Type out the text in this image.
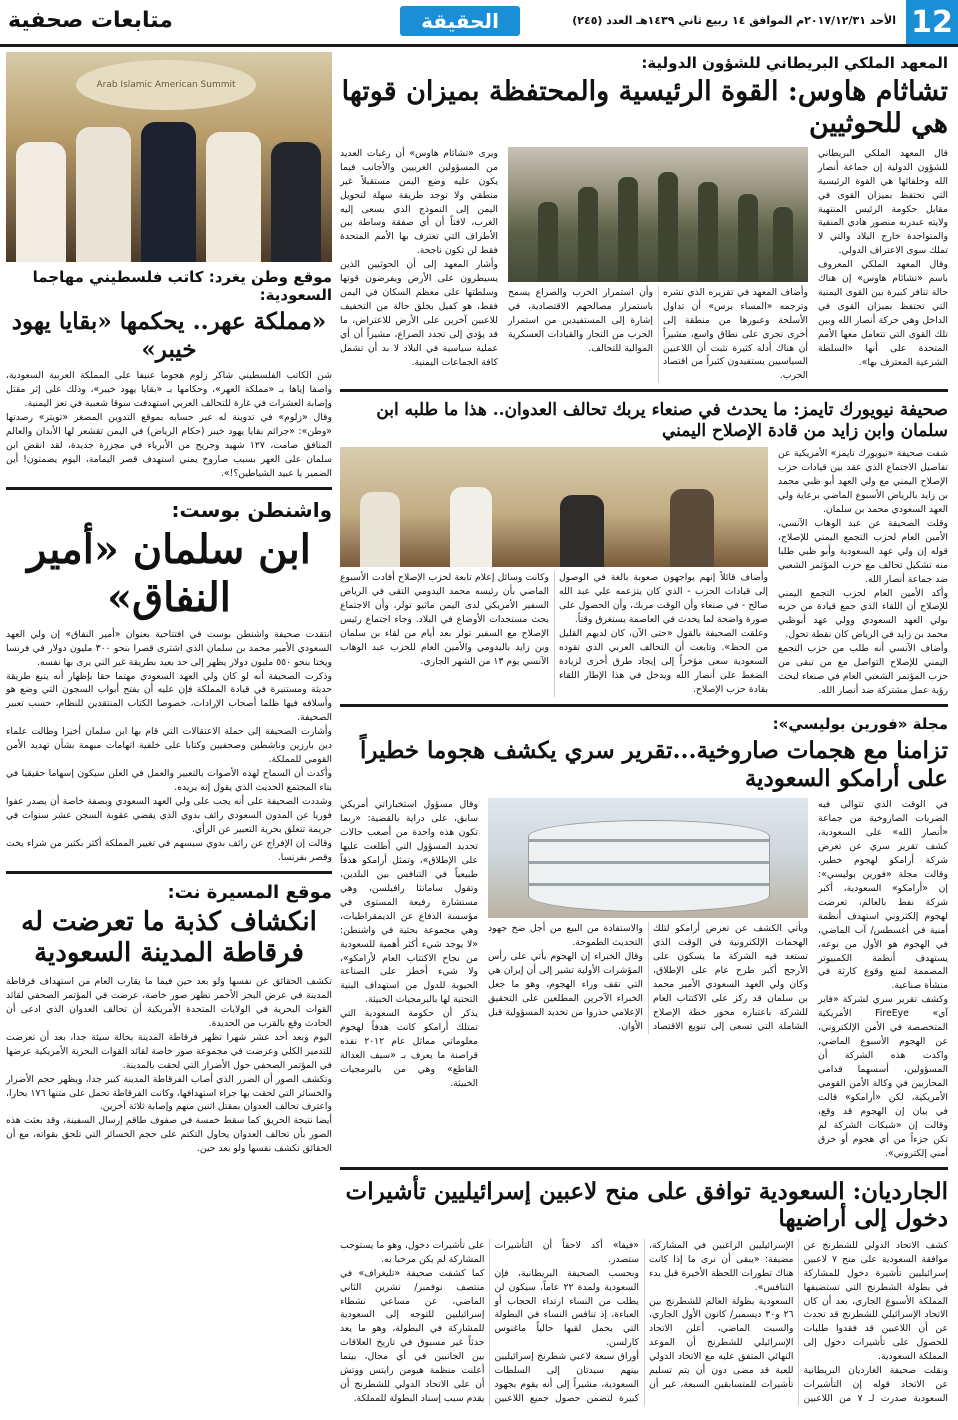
12
الأحد ٢٠١٧/١٢/٣١م الموافق ١٤ ربيع ثاني ١٤٣٩هـ العدد (٢٤٥)
الحقيقة
متابعات صحفية
المعهد الملكي البريطاني للشؤون الدولية:
تشاثام هاوس: القوة الرئيسية والمحتفظة بميزان قوتها هي للحوثيين

قال المعهد الملكي البريطاني للشؤون الدولية إن جماعة أنصار الله وحلفائها هي القوة الرئيسية التي تحتفظ بميزان القوى في مقابل حكومة الرئيس المنتهية ولايته عبدربه منصور هادي المنفية والمتواجدة خارج البلاد والتي لا تملك سوى الاعتراف الدولي.

وقال المعهد الملكي المعروف باسم «تشاثام هاوس» إن هناك حالة تنافر كبيرة بين القوى اليمنية التي تحتفظ بميزان القوى في الداخل وهي حركة أنصار الله وبين تلك القوى التي تتعامل معها الأمم المتحدة على أنها «السلطة الشرعية المعترف بها».

وأضاف المعهد في تقريره الذي نشره وترجمه «المساء برس» أن تداول الأسلحة وعبورها من منطقة إلى أخرى تجري على نطاق واسع، مشيراً أن هناك أدلة كثيرة تثبت أن اللاعبين السياسيين يستفيدون كثيراً من اقتصاد الحرب.

وأن استمرار الحرب والصراع يسمح باستمرار مصالحهم الاقتصادية، في إشارة إلى المستفيدين من استمرار الحرب من التجار والقيادات العسكرية الموالية للتحالف.

ويرى «تشاثام هاوس» أن رغبات العديد من المسؤولين الغربيين والأجانب فيما يكون عليه وضع اليمن مستقبلاً غير منطقي ولا توجد طريقة سهلة لتحويل اليمن إلى النموذج الذي يسعى إليه الغرب، لافتاً أن أي صفقة وساطة بين الأطراف التي تعترف بها الأمم المتحدة فقط لن تكون ناجحة.

وأشار المعهد إلى أن الحوثيين الذين يسيطرون على الأرض ويفرضون قوتها وسلطتها على معظم السكان في اليمن فقط، هو كفيل بخلق حالة من التخفيف للاعبين آخرين على الأرض للاعتراض، ما قد يؤدي إلى تجدد الصراع، مشيراً أن أي عملية سياسية في البلاد لا بد أن تشمل كافة الجماعات اليمنية.

صحيفة نيويورك تايمز: ما يحدث في صنعاء يربك تحالف العدوان.. هذا ما طلبه ابن سلمان وابن زايد من قادة الإصلاح اليمني

شفت صحيفة «نيويورك تايمز» الأمريكية عن تفاصيل الاجتماع الذي عقد بين قيادات حزب الإصلاح اليمني مع ولي العهد أبو ظبي محمد بن زايد بالرياض الأسبوع الماضي برعاية ولي العهد السعودي محمد بن سلمان.

وقلت الصحيفة عن عبد الوهاب الآنسي، الأمين العام لحزب التجمع اليمني للإصلاح، قوله إن ولي عهد السعودية وأبو ظبي طلبا منه تشكيل تحالف مع حزب المؤتمر الشعبي ضد جماعة أنصار الله.

وأكد الأمين العام لحزب التجمع اليمني للإصلاح أن اللقاء الذي جمع قيادة من حزبه بولي العهد السعودي وولي عهد أبوظبي محمد بن زايد في الرياض كان نقطة تحول.

وأضاف الآنسي أنه طلب من حزب التجمع اليمني للإصلاح التواصل مع من تبقى من حزب المؤتمر الشعبي العام في صنعاء لبحث رؤية عمل مشتركة ضد أنصار الله.

وأضاف قائلاً إنهم يواجهون صعوبة بالغة في الوصول إلى قيادات الحزب - الذي كان يتزعمه علي عبد الله صالح - في صنعاء وأن الوقت مربك، وأن الحصول على صورة واضحة لما يحدث في العاصمة يستغرق وقتاً.

وعلقت الصحيفة بالقول «حتى الآن، كان لديهم القليل من الحظ». وتابعت أن التحالف العربي الذي تقوده السعودية سعى مؤخراً إلى إيجاد طرق أخرى لزيادة الضغط على أنصار الله ويدخل في هذا الإطار اللقاء بقادة حزب الإصلاح.

وكانت وسائل إعلام تابعة لحزب الإصلاح أفادت الأسبوع الماضي بأن رئيسه محمد اليدومي التقى في الرياض السفير الأمريكي لدى اليمن ماثيو تولر، وأن الاجتماع بحث مستجدات الأوضاع في البلاد. وجاء اجتماع رئيس الإصلاح مع السفير تولر بعد أيام من لقاء بن سلمان وبن زايد باليدومي والأمين العام للحزب عبد الوهاب الآنسي يوم ١٣ من الشهر الجاري.

مجلة «فورين بوليسي»:
تزامنا مع هجمات صاروخية...تقرير سري يكشف هجوما خطيراً على أرامكو السعودية

في الوقت الذي تتوالى فيه الضربات الصاروخية من جماعة «أنصار الله» على السعودية، كشف تقرير سري عن تعرض شركة أرامكو لهجوم خطير، وقالت مجلة «فورين بوليسي»: إن «أرامكو» السعودية، أكبر شركة نفط بالعالم، تعرضت لهجوم إلكتروني استهدف أنظمة أمنية في أغسطس/ آب الماضي، في الهجوم هو الأول من نوعه، يستهدف أنظمة الكمبيوتر المصممة لمنع وقوع كارثة في منشأة صناعية.

وكشف تقرير سري لشركة «فاير آي» FireEye الأمريكية المتخصصة في الأمن الإلكتروني، عن الهجوم الأسبوع الماضي، واكدت هذه الشركة أن المسؤولين، أسسهما قدامى المحاربين في وكالة الأمن القومي الأمريكية، لكن «أرامكو» قالت في بيان إن الهجوم قد وقع، وقالت إن «شبكات الشركة لم تكن جزءاً من أي هجوم أو خرق أمني إلكتروني».

ويأتي الكشف عن تعرض أرامكو لتلك الهجمات الإلكترونية في الوقت الذي تستعد فيه الشركة ما يسكون على الأرجح أكبر طرح عام على الإطلاق، وكان ولي العهد السعودي الأمير محمد بن سلمان قد ركز على الاكتتاب العام للشركة باعتباره محور خطة الإصلاح الشاملة التي تسعى إلى تنويع الاقتصاد والاستفادة من البيع من أجل ضخ جهود التحديث الطموحة.

وقال الخبراء إن الهجوم يأتي على رأس المؤشرات الأولية تشير إلى أن إيران هي التي تقف وراء الهجوم، وهو ما جعل الخبراء الآخرين المطلعين على التحقيق الإعلامي حذروا من تحديد المسؤولية قبل الأوان.

وقال مسؤول استخباراتي أمريكي سابق، على دراية بالقضية: «ربما تكون هذه واحدة من أصعب حالات تحديد المسؤول التي أطلعت عليها على الإطلاق»، وتمثل أرامكو هدفاً طبيعياً في التنافس بين البلدين، وتقول سامانثا رافيلسن، وهي مستشارة رفيعة المستوى في مؤسسة الدفاع عن الديمقراطيات، وهي مجموعة بحثية في واشنطن: «لا يوجد شيء أكثر أهمية للسعودية من نجاح الاكتتاب العام لأرامكو»، ولا شيء أخطر على الصناعة الحيوية للدول من استهداف البنية التحتية لها بالبرمجيات الخبيثة.

يذكر أن حكومة السعودية التي تمتلك أرامكو كانت هدفاً لهجوم معلوماتي مماثل عام ٢٠١٢ نفذه قراصنة ما يعرف بـ «سيف العدالة القاطع» وهي من بالبرمجيات الخبيثة.

الجارديان: السعودية توافق على منح لاعبين إسرائيليين تأشيرات دخول إلى أراضيها

كشف الاتحاد الدولي للشطرنج عن موافقة السعودية على منح ٧ لاعبين إسرائيليين تأشيرة دخول للمشاركة في بطولة الشطرنج التي تستضيفها المملكة الأسبوع الجاري، بعد أن كان الاتحاد الإسرائيلي للشطرنج قد تحدث عن أن اللاعبين قد فقدوا طلبات للحصول على تأشيرات دخول إلى المملكة السعودية.

ونقلت صحيفة الغارديان البريطانية عن الاتحاد قوله إن التأشيرات السعودية صدرت لـ ٧ من اللاعبين الإسرائيليين الراغبين في المشاركة، مضيفة: «يبقى أن نرى ما إذا كانت هناك تطورات اللحظة الأخيرة قبل بدء التنافس».

السعودية بطولة العالم للشطرنج بين ٢٦ و٣٠ ديسمبر/ كانون الأول الجاري، والسبت الماضي، أعلن الاتحاد الإسرائيلي للشطرنج أن الموعد النهائي المتفق عليه مع الاتحاد الدولي للعبة قد مضى دون أن يتم تسليم تأشيرات للمتسابقين السبعة، غير أن «فيفا» أكد لاحقاً أن التأشيرات ستصدر.

وبحسب الصحيفة البريطانية، فإن السعودية ولمدة ٢٢ عاماً، سيكون لن يطلب من النساء ارتداء الحجاب أو العباءة، إذ تنافس النساء في البطولة التي يحمل لقبها حالياً ماغنوس كارلسن.

أوراق سبعة لاعبي شطرنج إسرائيليين بينهم سيدتان إلى السلطات السعودية، مشيراً إلى أنه يقوم بجهود كبيرة لتضمن حصول جميع اللاعبين على تأشيرات دخول، وهو ما يستوجب المشاركة لم يكن مرحبا به.

كما كشفت صحيفة «تليغراف» في منتصف نوفمبر/ تشرين الثاني الماضي، عن مساعي نشطاء إسرائيليين للتوجه إلى السعودية للمشاركة في البطولة، وهو ما يعد حدثاً غير مسبوق في تاريخ العلاقات بين الجانبين في أي مجال، بينما أعلنت منظمة هيومن رايتس ووتش أن على الاتحاد الدولي للشطرنج أن يقدم سبب إسناد البطولة للمملكة.

Arab Islamic American Summit
موقع وطن يغرد: كاتب فلسطيني مهاجما السعودية:
«مملكة عهر.. يحكمها «بقايا يهود خيبر»

شن الكاتب الفلسطيني شاكر زلوم هجوما عنيفا على المملكة العربية السعودية، واصفا إياها بـ «مملكة العهر»، وحكامها بـ «بقايا يهود خيبر»، وذلك على إثر مقتل وإصابة العشرات في غارة للتحالف العربي استهدفت سوقا شعبية في تعز اليمنية.

وقال «زلوم» في تدوينة له عبر حسابه بموقع التدوين المصغر «تويتر» رصدتها «وطن»: «جرائم بقايا يهود خيبر (حكام الرياض) في اليمن تقشعر لها الأبدان والعالم المنافق صامت، ١٢٧ شهيد وجريح من الأبرياء في مجزرة جديدة، لقد انقض ابن سلمان على العهر بسبب صاروخ يمني استهدف قصر اليمامة، اليوم يصمتون! أين الضمير يا عبيد الشياطين؟!».

واشنطن بوست:
ابن سلمان «أمير النفاق»

انتقدت صحيفة واشنطن بوست في افتتاحية بعنوان «أمير النفاق» إن ولي العهد السعودي الأمير محمد بن سلمان الذي اشترى قصرا بنحو ٣٠٠ مليون دولار في فرنسا ويختا بنحو ٥٥٠ مليون دولار يظهر إلى حد بعيد بطريقة غير التي يرى بها نفسه.

وذكرت الصحيفة أنه لو كان ولي العهد السعودي مهتما حقا بإظهار أنه يتبع طريقة حديثة ومستنيرة في قيادة المملكة فإن عليه أن يفتح أبواب السجون التي وضع هو وأسلافه فيها ظلما أصحاب الإرادات، خصوصا الكتاب المنتقدين للنظام، حسب تعبير الصحيفة.

وأشارت الصحيفة إلى حملة الاعتقالات التي قام بها ابن سلمان أخيرا وطالت علماء دين بارزين وناشطين وصحفيين وكتابا على خلفية اتهامات مبهمة بشأن تهديد الأمن القومي للمملكة.

وأكدت أن السماح لهذه الأصوات بالتعبير والعمل في العلن سيكون إسهاما حقيقيا في بناء المجتمع الحديث الذي يقول إنه يريده.

وشددت الصحيفة على أنه يجب على ولي العهد السعودي وبصفة خاصة أن يصدر عفوا فوريا عن المدون السعودي رائف بدوي الذي يقضي عقوبة السجن عشر سنوات في جريمة تتعلق بحرية التعبير عن الرأي.

وقالت إن الإفراج عن رائف بدوي سيسهم في تغيير المملكة أكثر بكثير من شراء يخت وقصر بفرنسا.

موقع المسيرة نت:
انكشاف كذبة ما تعرضت له فرقاطة المدينة السعودية

تكشف الحقائق عن نفسها ولو بعد حين فيما ما يقارب العام من استهداف فرقاطة المدينة في عرض البحر الأحمر تظهر صور خاصة، عرضت في المؤتمر الصحفي لقائد القوات البحرية في الولايات المتحدة الأمريكية أن تحالف العدوان الذي ادعى أن الحادث وقع بالقرب من الحديدة.

اليوم وبعد أحد عشر شهرا تظهر فرقاطة المدينة بحالة سيئة جدا، بعد أن تعرضت للتدمير الكلي وعرضت في مجموعة صور خاصة لقائد القوات البحرية الأمريكية عرضها في المؤتمر الصحفي حول الأضرار التي لحقت بالمدينة.

وتكشف الصور أن الضرر الذي أصاب الفرقاطة المدينة كبير جدا، ويظهر حجم الأضرار والخسائر التي لحقت بها جراء استهدافها، وكانت الفرقاطة تحمل على متنها ١٧٦ بحارا، واعترف تحالف العدوان بمقتل اثنين منهم وإصابة ثلاثة آخرين.

أيضا نتيجة الحريق كما سقط خمسة في صفوف طاقم إرسال السفينة، وقد بعثت هذه الصور بأن تحالف العدوان يحاول التكتم على حجم الخسائر التي تلحق بقواته، مع أن الحقائق تكشف نفسها ولو بعد حين.
